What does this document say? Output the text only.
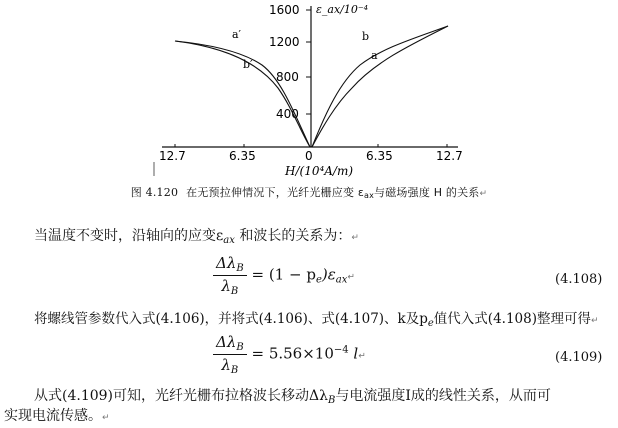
1600
1200
800
400
ε_ax/10⁻⁴
12.7	6.35	0	6.35	12.7
H/(10⁴A/m)
a′
b′
b
a
图 4.120 在无预拉伸情况下，光纤光栅应变 $\varepsilon_{ax}$与磁场强度 H 的关系↵
当温度不变时，沿轴向的应变$\varepsilon_{ax}$ 和波长的关系为：↵
$\frac{\Delta\lambda_B}{\lambda_B} = (1$ − $p_e)\varepsilon_{ax}↵$	(4.108)
将螺线管参数代入式(4.106)，并将式(4.106)、式(4.107)、k及$p_e$值代入式(4.108)整理可得↵
$\frac{\Delta\lambda_B}{\lambda_B} = 5.56\times 10^{-4}$ l↵	(4.109)
从式(4.109)可知，光纤光栅布拉格波长移动$\Delta\lambda_B$与电流强度I成的线性关系，从而可
实现电流传感。↵
